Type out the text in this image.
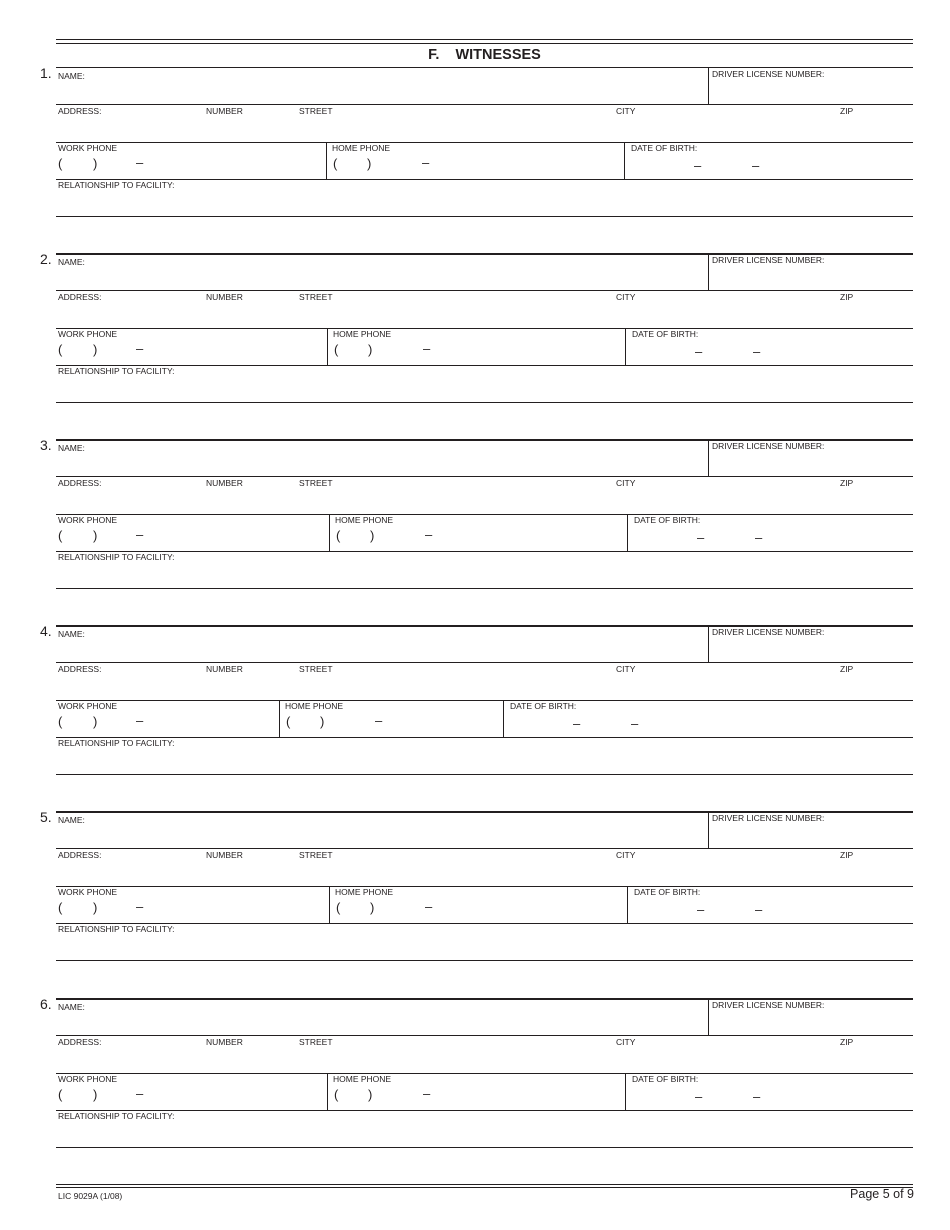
F. WITNESSES
1. NAME:	DRIVER LICENSE NUMBER:
ADDRESS:	NUMBER	STREET	CITY	ZIP
WORK PHONE
( )	–
HOME PHONE
( )	–
DATE OF BIRTH:
–	–
RELATIONSHIP TO FACILITY:
2. NAME:	DRIVER LICENSE NUMBER:
ADDRESS:	NUMBER	STREET	CITY	ZIP
WORK PHONE
( )	–
HOME PHONE
( )	–
DATE OF BIRTH:
–	–
RELATIONSHIP TO FACILITY:
3. NAME:	DRIVER LICENSE NUMBER:
ADDRESS:	NUMBER	STREET	CITY	ZIP
WORK PHONE
( )	–
HOME PHONE
( )	–
DATE OF BIRTH:
–	–
RELATIONSHIP TO FACILITY:
4. NAME:	DRIVER LICENSE NUMBER:
ADDRESS:	NUMBER	STREET	CITY	ZIP
WORK PHONE
( )	–
HOME PHONE
( )	–
DATE OF BIRTH:
–	–
RELATIONSHIP TO FACILITY:
5. NAME:	DRIVER LICENSE NUMBER:
ADDRESS:	NUMBER	STREET	CITY	ZIP
WORK PHONE
( )	–
HOME PHONE
( )	–
DATE OF BIRTH:
–	–
RELATIONSHIP TO FACILITY:
6. NAME:	DRIVER LICENSE NUMBER:
ADDRESS:	NUMBER	STREET	CITY	ZIP
WORK PHONE
( )	–
HOME PHONE
( )	–
DATE OF BIRTH:
–	–
RELATIONSHIP TO FACILITY:
LIC 9029A (1/08)	Page 5 of 9
